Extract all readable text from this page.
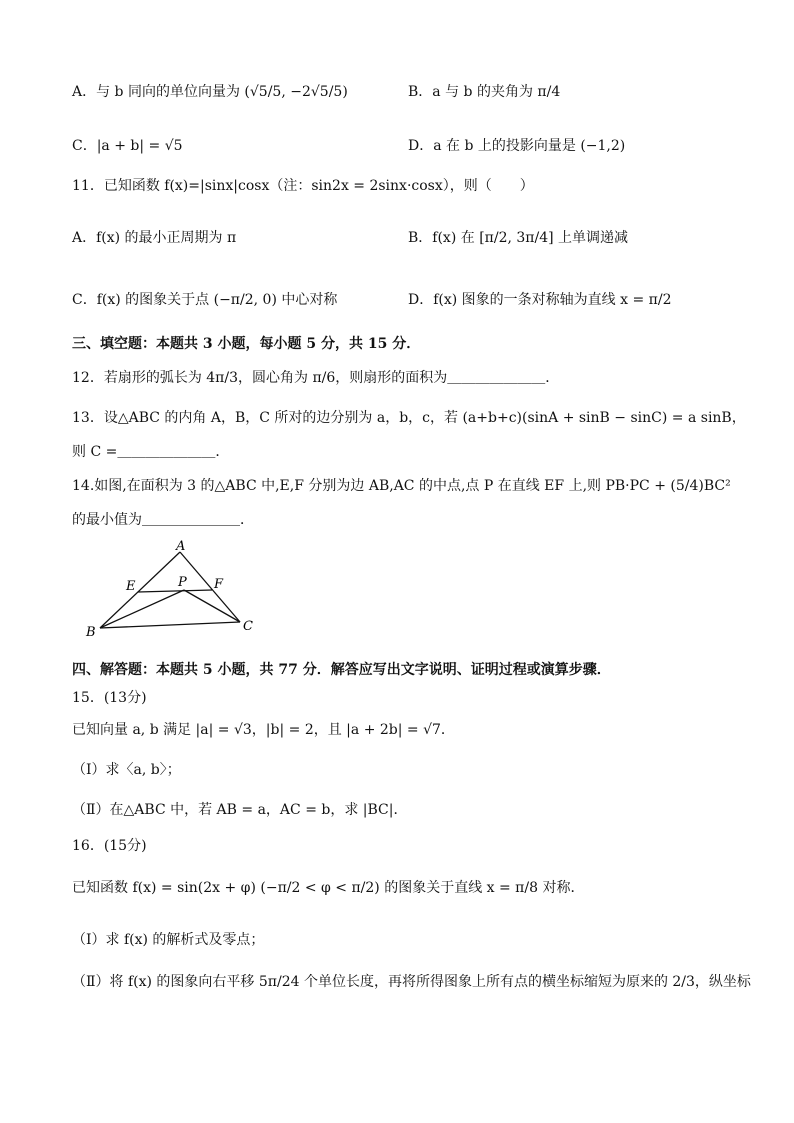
A．与 b 同向的单位向量为 (√5/5, −2√5/5)	B．a 与 b 的夹角为 π/4
C．|a + b| = √5	D．a 在 b 上的投影向量是 (−1,2)
11．已知函数 f(x)=|sinx|cosx（注：sin2x = 2sinx·cosx），则（　　）
A．f(x) 的最小正周期为 π	B．f(x) 在 [π/2, 3π/4] 上单调递减
C．f(x) 的图象关于点 (−π/2, 0) 中心对称	D．f(x) 图象的一条对称轴为直线 x = π/2
三、填空题：本题共 3 小题，每小题 5 分，共 15 分．
12．若扇形的弧长为 4π/3，圆心角为 π/6，则扇形的面积为＿＿＿＿＿＿＿．
13．设△ABC 的内角 A，B，C 所对的边分别为 a，b，c，若 (a+b+c)(sinA + sinB − sinC) = a sinB，
则 C =＿＿＿＿＿＿＿．
14.如图,在面积为 3 的△ABC 中,E,F 分别为边 AB,AC 的中点,点 P 在直线 EF 上,则 PB·PC + (5/4)BC²
的最小值为＿＿＿＿＿＿＿．
A
B	C
E	F
P
四、解答题：本题共 5 小题，共 77 分．解答应写出文字说明、证明过程或演算步骤．
15．(13分)
已知向量 a, b 满足 |a| = √3，|b| = 2，且 |a + 2b| = √7．
（Ⅰ）求〈a, b〉；
（Ⅱ）在△ABC 中，若 AB = a，AC = b，求 |BC|．
16．(15分)
已知函数 f(x) = sin(2x + φ) (−π/2 < φ < π/2) 的图象关于直线 x = π/8 对称．
（Ⅰ）求 f(x) 的解析式及零点；
（Ⅱ）将 f(x) 的图象向右平移 5π/24 个单位长度，再将所得图象上所有点的横坐标缩短为原来的 2/3，纵坐标
